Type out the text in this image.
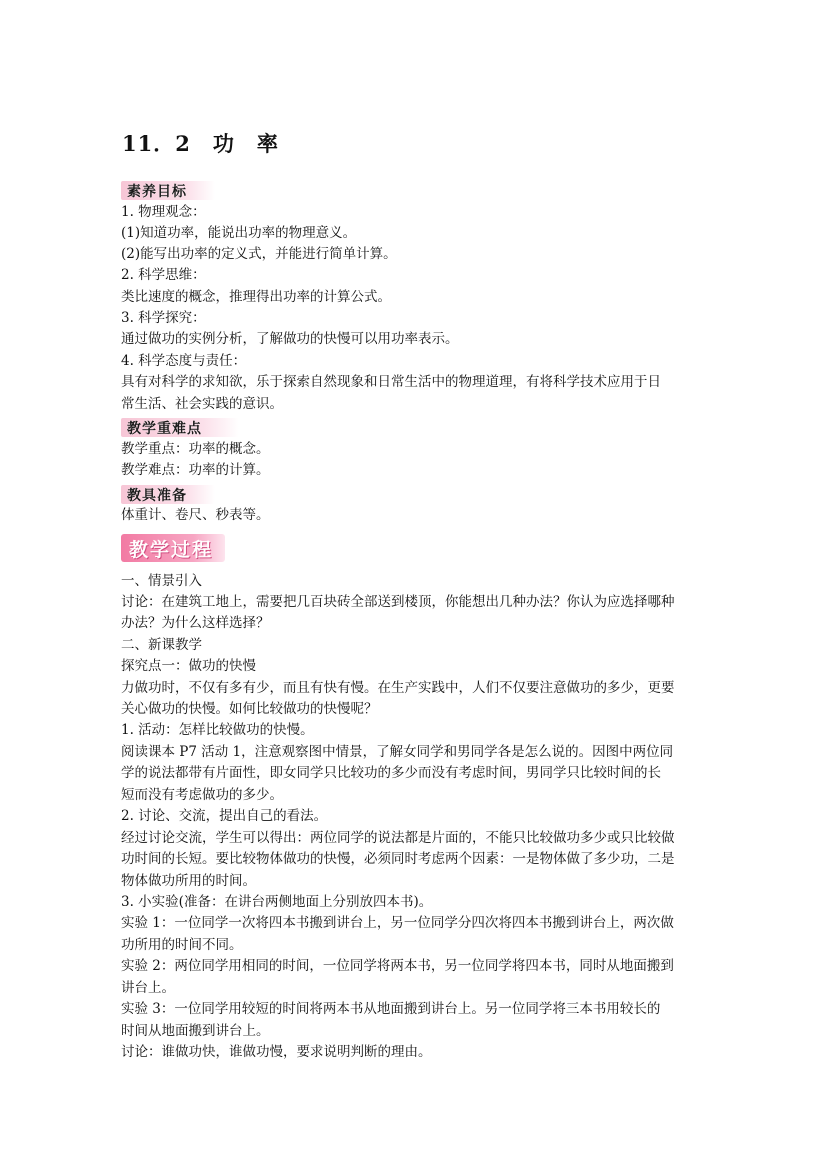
11．2　功　率
素养目标
1. 物理观念：
(1)知道功率，能说出功率的物理意义。
(2)能写出功率的定义式，并能进行简单计算。
2. 科学思维：
类比速度的概念，推理得出功率的计算公式。
3. 科学探究：
通过做功的实例分析，了解做功的快慢可以用功率表示。
4. 科学态度与责任：
具有对科学的求知欲，乐于探索自然现象和日常生活中的物理道理，有将科学技术应用于日
常生活、社会实践的意识。
教学重难点
教学重点：功率的概念。
教学难点：功率的计算。
教具准备
体重计、卷尺、秒表等。
教学过程
一、情景引入
讨论：在建筑工地上，需要把几百块砖全部送到楼顶，你能想出几种办法？你认为应选择哪种
办法？为什么这样选择？
二、新课教学
探究点一：做功的快慢
力做功时，不仅有多有少，而且有快有慢。在生产实践中，人们不仅要注意做功的多少，更要
关心做功的快慢。如何比较做功的快慢呢？
1. 活动：怎样比较做功的快慢。
阅读课本 P7 活动 1，注意观察图中情景，了解女同学和男同学各是怎么说的。因图中两位同
学的说法都带有片面性，即女同学只比较功的多少而没有考虑时间，男同学只比较时间的长
短而没有考虑做功的多少。
2. 讨论、交流，提出自己的看法。
经过讨论交流，学生可以得出：两位同学的说法都是片面的，不能只比较做功多少或只比较做
功时间的长短。要比较物体做功的快慢，必须同时考虑两个因素：一是物体做了多少功，二是
物体做功所用的时间。
3. 小实验(准备：在讲台两侧地面上分别放四本书)。
实验 1：一位同学一次将四本书搬到讲台上，另一位同学分四次将四本书搬到讲台上，两次做
功所用的时间不同。
实验 2：两位同学用相同的时间，一位同学将两本书，另一位同学将四本书，同时从地面搬到
讲台上。
实验 3：一位同学用较短的时间将两本书从地面搬到讲台上。另一位同学将三本书用较长的
时间从地面搬到讲台上。
讨论：谁做功快，谁做功慢，要求说明判断的理由。
